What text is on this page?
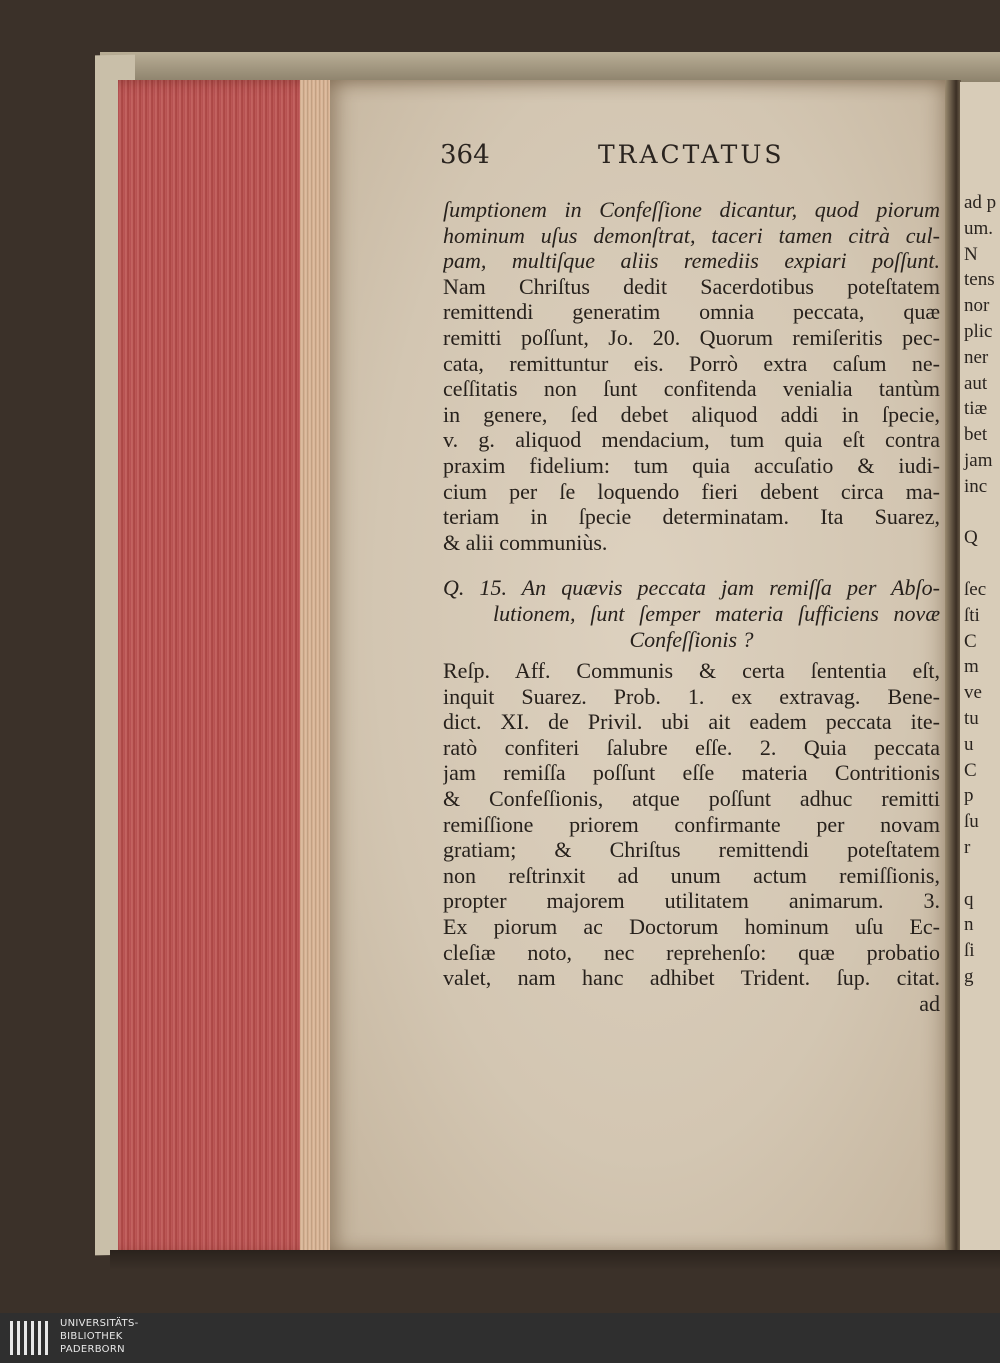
364	TRACTATUS
ſumptionem in Confeſſione dicantur, quod piorum
hominum uſus demonſtrat, taceri tamen citrà cul-
pam, multiſque aliis remediis expiari poſſunt.
Nam Chriſtus dedit Sacerdotibus poteſtatem
remittendi generatim omnia peccata, quæ
remitti poſſunt, Jo. 20. Quorum remiſeritis pec-
cata, remittuntur eis. Porrò extra caſum ne-
ceſſitatis non ſunt confitenda venialia tantùm
in genere, ſed debet aliquod addi in ſpecie,
v. g. aliquod mendacium, tum quia eſt contra
praxim fidelium: tum quia accuſatio & iudi-
cium per ſe loquendo fieri debent circa ma-
teriam in ſpecie determinatam. Ita Suarez,
& alii communiùs.
Q. 15. An quævis peccata jam remiſſa per Abſo-
lutionem, ſunt ſemper materia ſufficiens novæ
Confeſſionis ?
Reſp. Aff. Communis & certa ſententia eſt,
inquit Suarez. Prob. 1. ex extravag. Bene-
dict. XI. de Privil. ubi ait eadem peccata ite-
ratò confiteri ſalubre eſſe. 2. Quia peccata
jam remiſſa poſſunt eſſe materia Contritionis
& Confeſſionis, atque poſſunt adhuc remitti
remiſſione priorem confirmante per novam
gratiam; & Chriſtus remittendi poteſtatem
non reſtrinxit ad unum actum remiſſionis,
propter majorem utilitatem animarum. 3.
Ex piorum ac Doctorum hominum uſu Ec-
cleſiæ noto, nec reprehenſo: quæ probatio
valet, nam hanc adhibet Trident. ſup. citat.
ad
ad p
um.
N
tens
nor
plic
ner
aut
tiæ
bet
jam
inc
Q
ſec
ſti
C
m
ve
tu
u
C
p
ſu
r
q
n
ſi
g
UNIVERSITÄTS-
BIBLIOTHEK
PADERBORN
